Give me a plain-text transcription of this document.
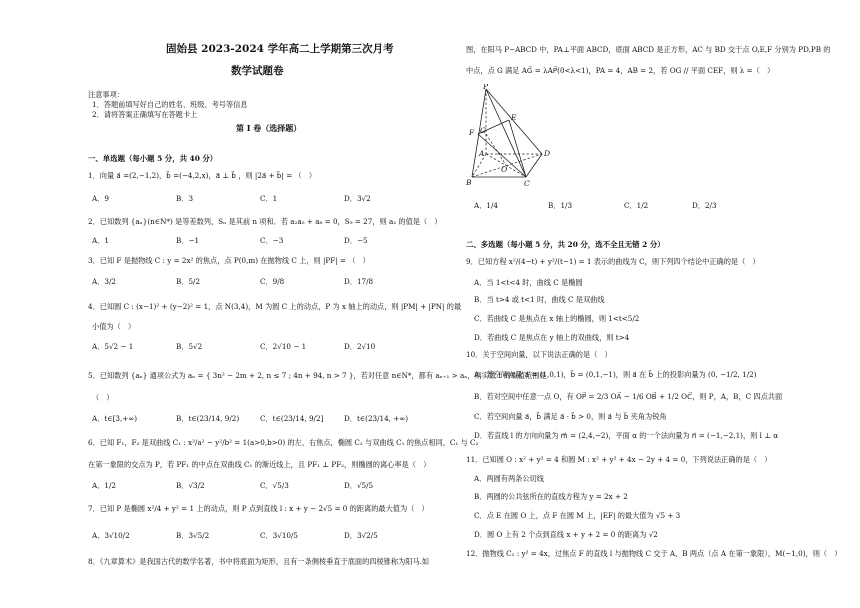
固始县 2023-2024 学年高二上学期第三次月考
数学试题卷
注意事项：
1．答题前填写好自己的姓名、班级、考号等信息
2．请将答案正确填写在答题卡上
第 I 卷（选择题）
一、单选题（每小题 5 分，共 40 分）
1．向量 a⃗ =(2,−1,2)，b⃗ =(−4,2,x)，a⃗ ⊥ b⃗ ，则 |2a⃗ + b⃗| = （　）
A．9	B．3	C．1	D．3√2
2．已知数列 {aₙ}(n∈N*) 是等差数列，Sₙ 是其前 n 项和．若 a₂a₅ + a₈ = 0，S₉ = 27，则 a₂ 的值是（　）
A．1	B．−1	C．−3	D．−5
3．已知 F 是抛物线 C : y = 2x² 的焦点，点 P(0,m) 在抛物线 C 上，则 |PF| = （　）
A．3/2	B．5/2	C．9/8	D．17/8
4．已知圆 C : (x−1)² + (y−2)² = 1，点 N(3,4)，M 为圆 C 上的动点，P 为 x 轴上的动点，则 |PM| + |PN| 的最
小值为（　）
A．5√2 − 1	B．5√2	C．2√10 − 1	D．2√10
5．已知数列 {aₙ} 通项公式为 aₙ = { 3n² − 2m + 2, n ≤ 7 ; 4n + 94, n > 7 }，若对任意 n∈N*，都有 aₙ₊₁ > aₙ，则实数 t 的取值范围是
（　）
A．t∈[3,+∞)	B．t∈(23/14, 9/2)	C．t∈(23/14, 9/2]	D．t∈(23/14, +∞)
6．已知 F₁，F₂ 是双曲线 C₁ : x²/a² − y²/b² = 1(a>0,b>0) 的左、右焦点，椭圆 C₂ 与双曲线 C₁ 的焦点相同，C₁ 与 C₂
在第一象限的交点为 P，若 PF₁ 的中点在双曲线 C₁ 的渐近线上，且 PF₁ ⊥ PF₂，则椭圆的离心率是（　）
A．1/2	B．√3/2	C．√5/3	D．√5/5
7．已知 P 是椭圆 x²/4 + y² = 1 上的动点，则 P 点到直线 l : x + y − 2√5 = 0 的距离的最大值为（　）
A．3√10/2	B．3√5/2	C．3√10/5	D．3√2/5
8．《九章算术》是我国古代的数学名著，书中将底面为矩形，且有一条侧棱垂直于底面的四棱锥称为阳马.如
图，在阳马 P−ABCD 中，PA⊥平面 ABCD，底面 ABCD 是正方形，AC 与 BD 交于点 O,E,F 分别为 PD,PB 的
中点，点 G 满足 AG⃗ = λAP⃗(0<λ<1)，PA = 4，AB = 2，若 OG // 平面 CEF，则 λ =（　）
P
E
F G
A	D
O
B	C
A．1/4	B．1/3	C．1/2	D．2/3
二、多选题（每小题 5 分，共 20 分，选不全且无错 2 分）
9．已知方程 x²/(4−t) + y²/(t−1) = 1 表示的曲线为 C，则下列四个结论中正确的是（　）
A．当 1<t<4 时，曲线 C 是椭圆
B．当 t>4 或 t<1 时，曲线 C 是双曲线
C．若曲线 C 是焦点在 x 轴上的椭圆，则 1<t<5/2
D．若曲线 C 是焦点在 y 轴上的双曲线，则 t>4
10．关于空间向量，以下说法正确的是（　）
A．若空间向量 a⃗ = (1,0,1)，b⃗ = (0,1,−1)，则 a⃗ 在 b⃗ 上的投影向量为 (0, −1/2, 1/2)
B．若对空间中任意一点 O，有 OP⃗ = 2/3 OA⃗ − 1/6 OB⃗ + 1/2 OC⃗，则 P，A，B，C 四点共面
C．若空间向量 a⃗，b⃗ 满足 a⃗ · b⃗ > 0，则 a⃗ 与 b⃗ 夹角为锐角
D．若直线 l 的方向向量为 m⃗ = (2,4,−2)，平面 α 的一个法向量为 n⃗ = (−1,−2,1)，则 l ⊥ α
11．已知圆 O : x² + y² = 4 和圆 M : x² + y² + 4x − 2y + 4 = 0，下列说法正确的是（　）
A．两圆有两条公切线
B．两圆的公共弦所在的直线方程为 y = 2x + 2
C．点 E 在圆 O 上，点 F 在圆 M 上，|EF| 的最大值为 √5 + 3
D．圆 O 上有 2 个点到直线 x + y + 2 = 0 的距离为 √2
12．抛物线 C₁ : y² = 4x，过焦点 F 的直线 l 与抛物线 C 交于 A，B 两点（点 A 在第一象限），M(−1,0)，则（　）
